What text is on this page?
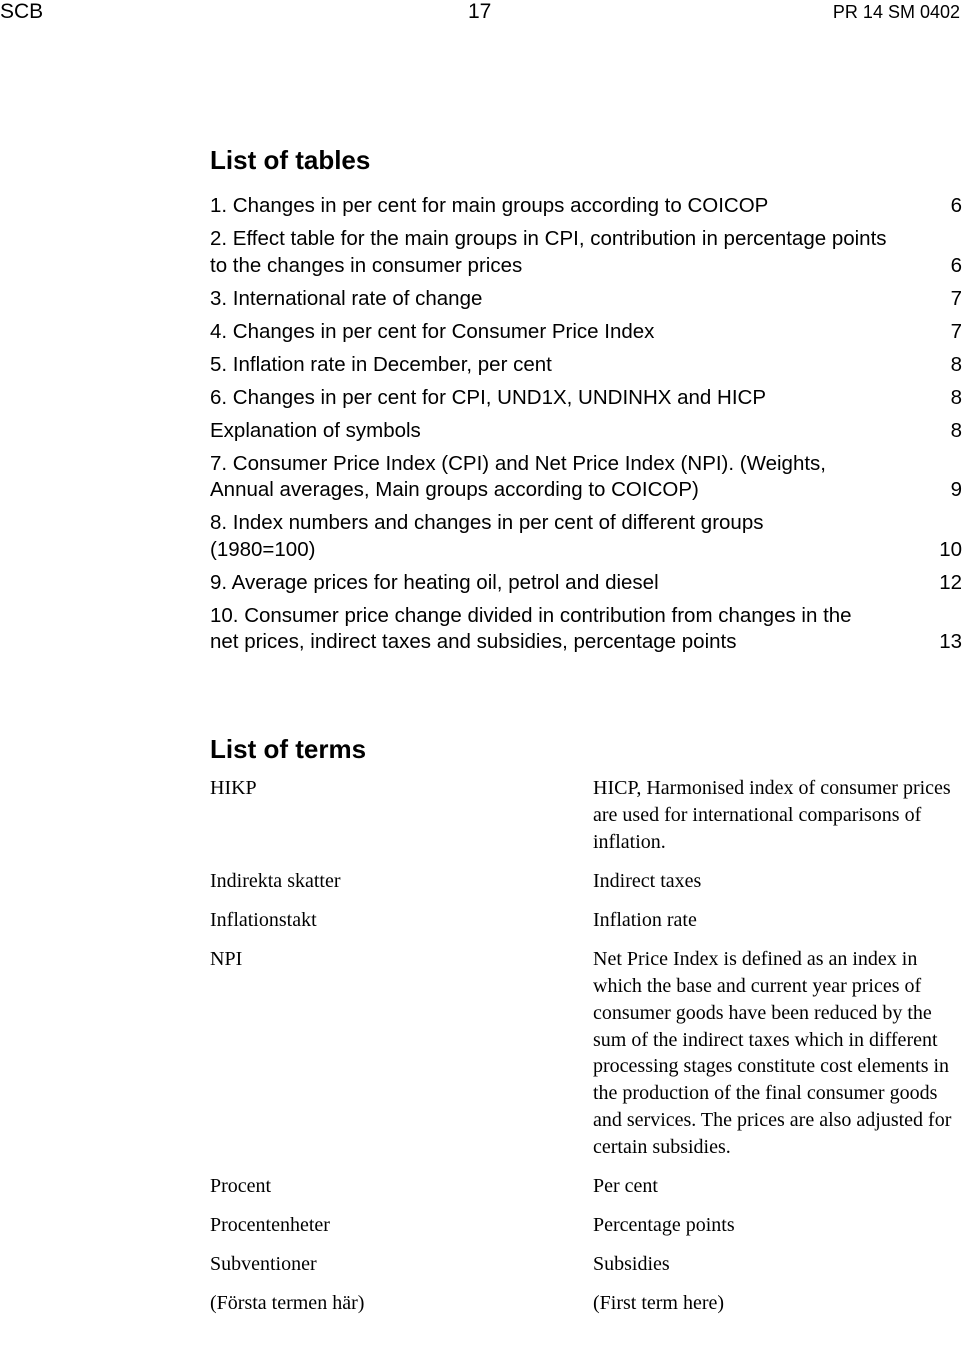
SCB	17	PR 14 SM 0402
List of tables
1. Changes in per cent for main groups according to COICOP	6
2. Effect table for the main groups in CPI, contribution in percentage points to the changes in consumer prices	6
3. International rate of change	7
4. Changes in per cent for Consumer Price Index	7
5. Inflation rate in December, per cent	8
6. Changes in per cent for CPI, UND1X, UNDINHX and HICP	8
Explanation of symbols	8
7. Consumer Price Index (CPI) and Net Price Index (NPI). (Weights, Annual averages, Main groups according to COICOP)	9
8. Index numbers and changes in per cent of different groups (1980=100)	10
9. Average prices for heating oil, petrol and diesel	12
10. Consumer price change divided in contribution from changes in the net prices, indirect taxes and subsidies, percentage points	13
List of terms
HIKP	HICP, Harmonised index of consumer prices are used for international comparisons of inflation.
Indirekta skatter	Indirect taxes
Inflationstakt	Inflation rate
NPI	Net Price Index is defined as an index in which the base and current year prices of consumer goods have been reduced by the sum of the indirect taxes which in different processing stages constitute cost elements in the production of the final consumer goods and services. The prices are also adjusted for certain subsidies.
Procent	Per cent
Procentenheter	Percentage points
Subventioner	Subsidies
(Första termen här)	(First term here)
